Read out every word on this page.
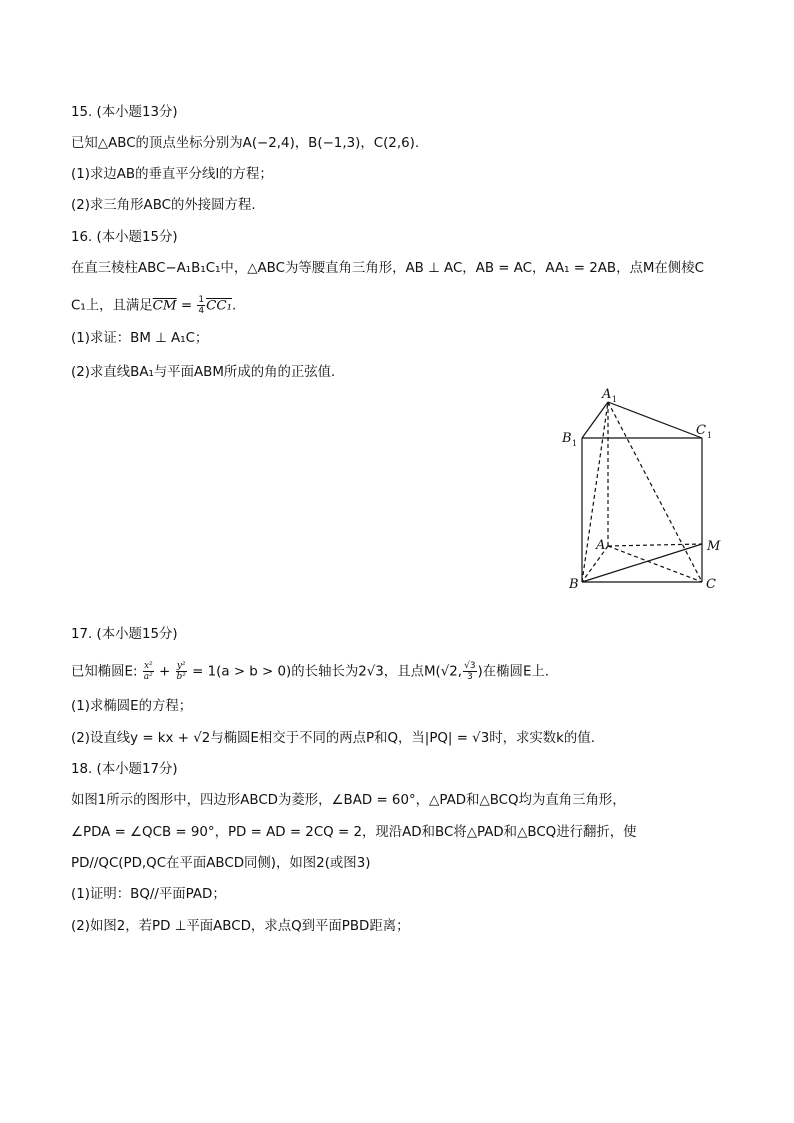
15. (本小题13分)
已知△ABC的顶点坐标分别为A(−2,4)，B(−1,3)，C(2,6).
(1)求边AB的垂直平分线l的方程；
(2)求三角形ABC的外接圆方程.
16. (本小题15分)
在直三棱柱ABC−A₁B₁C₁中，△ABC为等腰直角三角形，AB ⊥ AC，AB = AC，AA₁ = 2AB，点M在侧棱C
C₁上，且满足$\overline{CM} = \frac{1}{4} CC_1$.
(1)求证：BM ⊥ A₁C；
(2)求直线BA₁与平面ABM所成的角的正弦值.
A 1
B 1
C 1
A
B	C
M
17. (本小题15分)
已知椭圆E: $\frac{\text{x²}}{\text{a²}} + \frac{\text{y²}}{\text{b²}} = 1(a > b > 0)$的长轴长为2√3，且点M(√2, $\frac{√3}{3}$ )在椭圆E上.
(1)求椭圆E的方程；
(2)设直线y = kx + √2与椭圆E相交于不同的两点P和Q，当|PQ| = √3时，求实数k的值.
18. (本小题17分)
如图1所示的图形中，四边形ABCD为菱形，∠BAD = 60°，△PAD和△BCQ均为直角三角形，
∠PDA = ∠QCB = 90°，PD = AD = 2CQ = 2，现沿AD和BC将△PAD和△BCQ进行翻折，使
PD//QC(PD,QC在平面ABCD同侧)，如图2(或图3)
(1)证明：BQ//平面PAD；
(2)如图2，若PD ⊥平面ABCD，求点Q到平面PBD距离；
